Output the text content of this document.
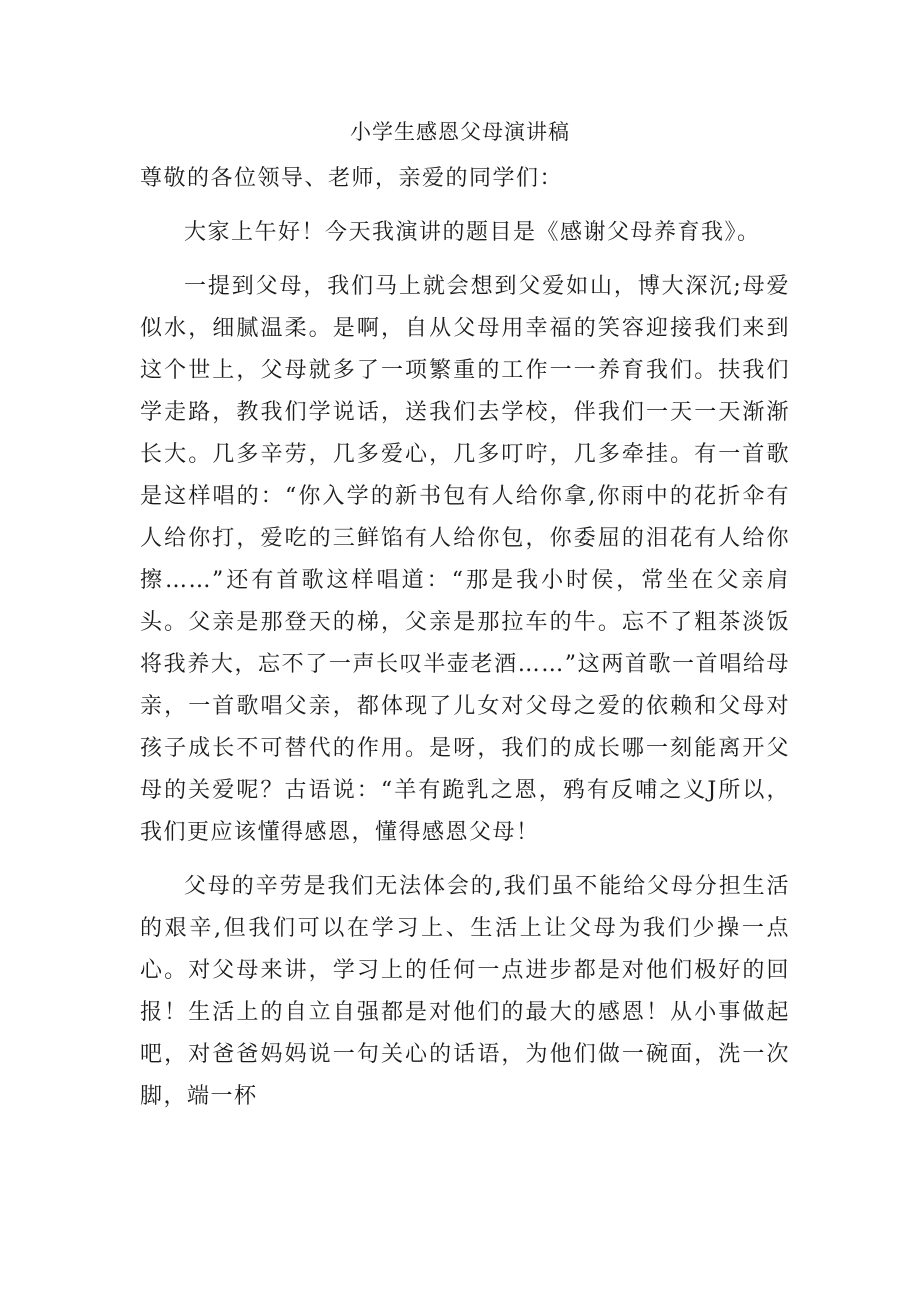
小学生感恩父母演讲稿

尊敬的各位领导、老师，亲爱的同学们：

大家上午好！今天我演讲的题目是《感谢父母养育我》。

一提到父母，我们马上就会想到父爱如山，博大深沉;母爱似水，细腻温柔。是啊，自从父母用幸福的笑容迎接我们来到这个世上，父母就多了一项繁重的工作一一养育我们。扶我们学走路，教我们学说话，送我们去学校，伴我们一天一天渐渐长大。几多辛劳，几多爱心，几多叮咛，几多牵挂。有一首歌是这样唱的：“你入学的新书包有人给你拿,你雨中的花折伞有人给你打，爱吃的三鲜馅有人给你包，你委屈的泪花有人给你擦……”还有首歌这样唱道：“那是我小时侯，常坐在父亲肩头。父亲是那登天的梯，父亲是那拉车的牛。忘不了粗茶淡饭将我养大，忘不了一声长叹半壶老酒……”这两首歌一首唱给母亲，一首歌唱父亲，都体现了儿女对父母之爱的依赖和父母对孩子成长不可替代的作用。是呀，我们的成长哪一刻能离开父母的关爱呢？古语说：“羊有跪乳之恩，鸦有反哺之义J所以，我们更应该懂得感恩，懂得感恩父母！

父母的辛劳是我们无法体会的,我们虽不能给父母分担生活的艰辛,但我们可以在学习上、生活上让父母为我们少操一点心。对父母来讲，学习上的任何一点进步都是对他们极好的回报！生活上的自立自强都是对他们的最大的感恩！从小事做起吧，对爸爸妈妈说一句关心的话语，为他们做一碗面，洗一次脚，端一杯
